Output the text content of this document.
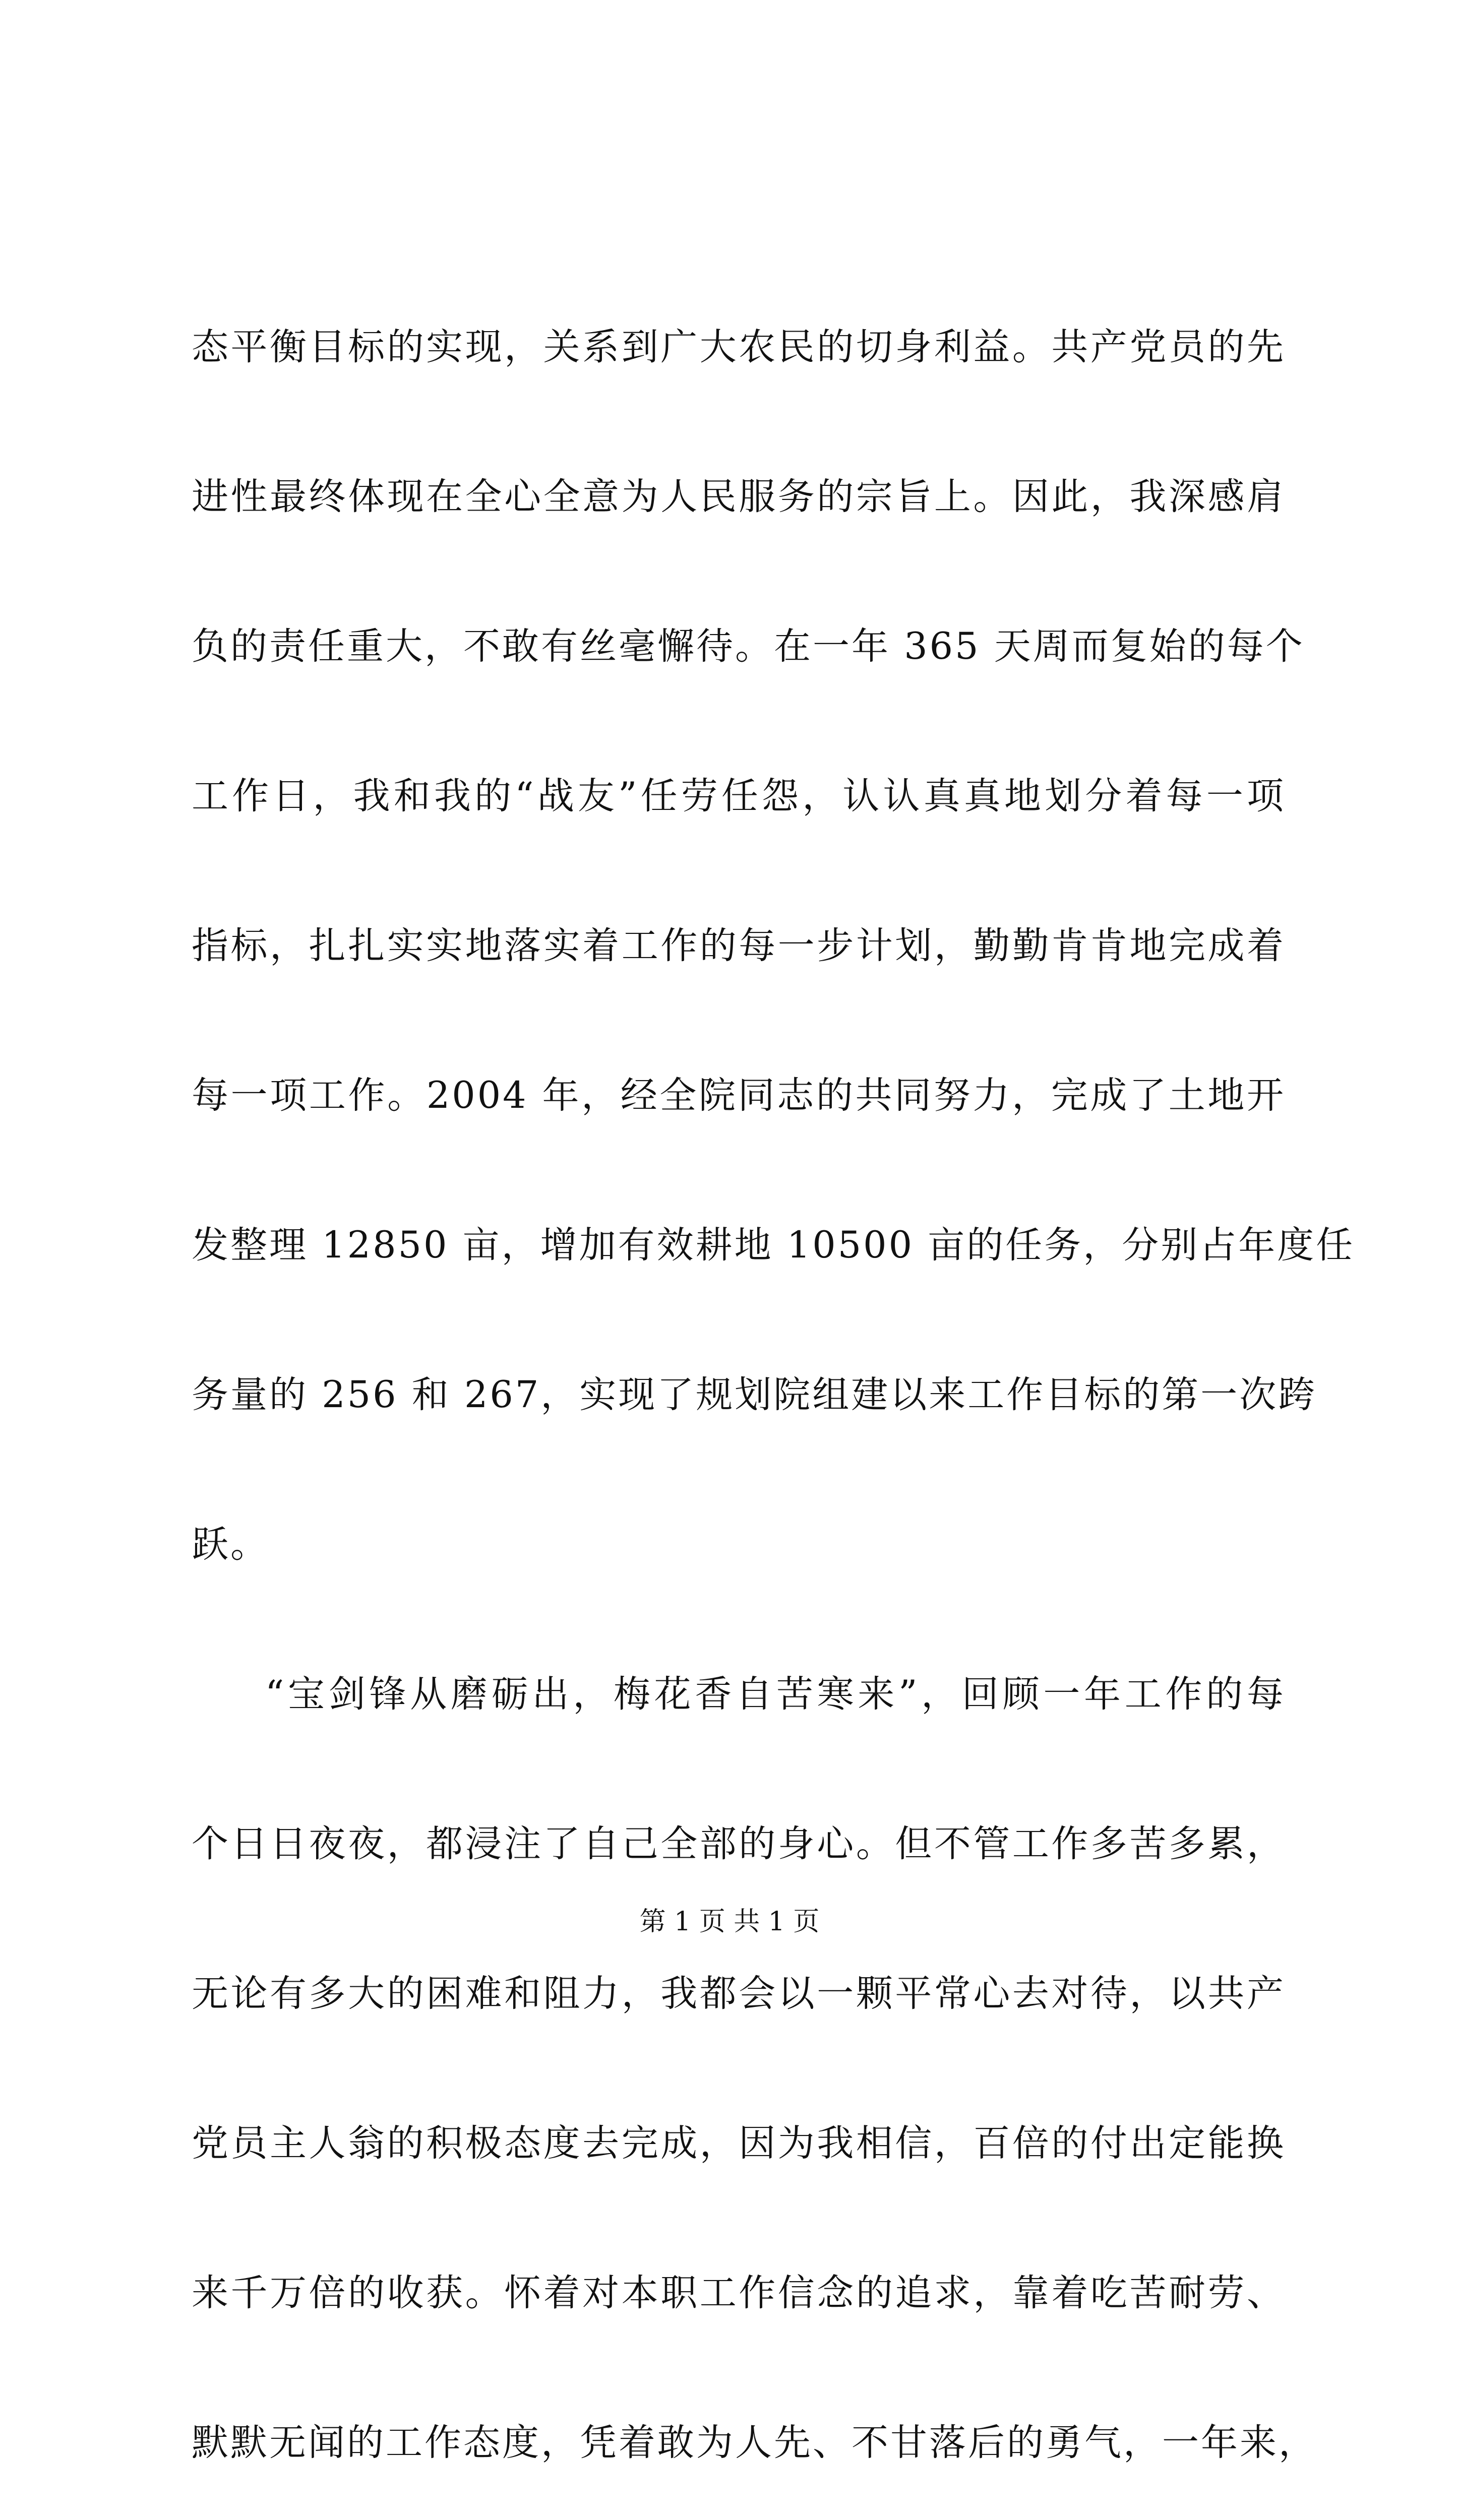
态平衡目标的实现，关系到广大农民的切身利益。共产党员的先
进性最终体现在全心全意为人民服务的宗旨上。因此，我深感肩
负的责任重大，不敢有丝毫懈待。在一年 365 天周而复始的每个
工作日，我和我的“战友”任劳任怨，认认真真地划分着每一项
指标，扎扎实实地落实着工作的每一步计划，勤勤肯肯地完成着
每一项工作。2004 年，经全院同志的共同努力，完成了土地开
发整理 12850 亩，增加有效耕地 10500 亩的任务，分别占年度任
务量的 256 和 267，实现了规划院组建以来工作目标的第一次跨
跃。
“宝剑锋从磨砺出，梅花香自苦寒来”，回顾一年工作的每
个日日夜夜，都浸注了自己全部的身心。但不管工作多苦多累，
无论有多大的困难和阻力，我都会以一颗平常心去对待，以共产
党员主人翁的积极态度去完成，因为我相信，百倍的付出定能换
来千万倍的收获。怀着对本职工作信念的追求，靠着吃苦耐劳、
默默无闻的工作态度，凭着敢为人先、不甘落后的勇气，一年来，
第 1 页 共 1 页
